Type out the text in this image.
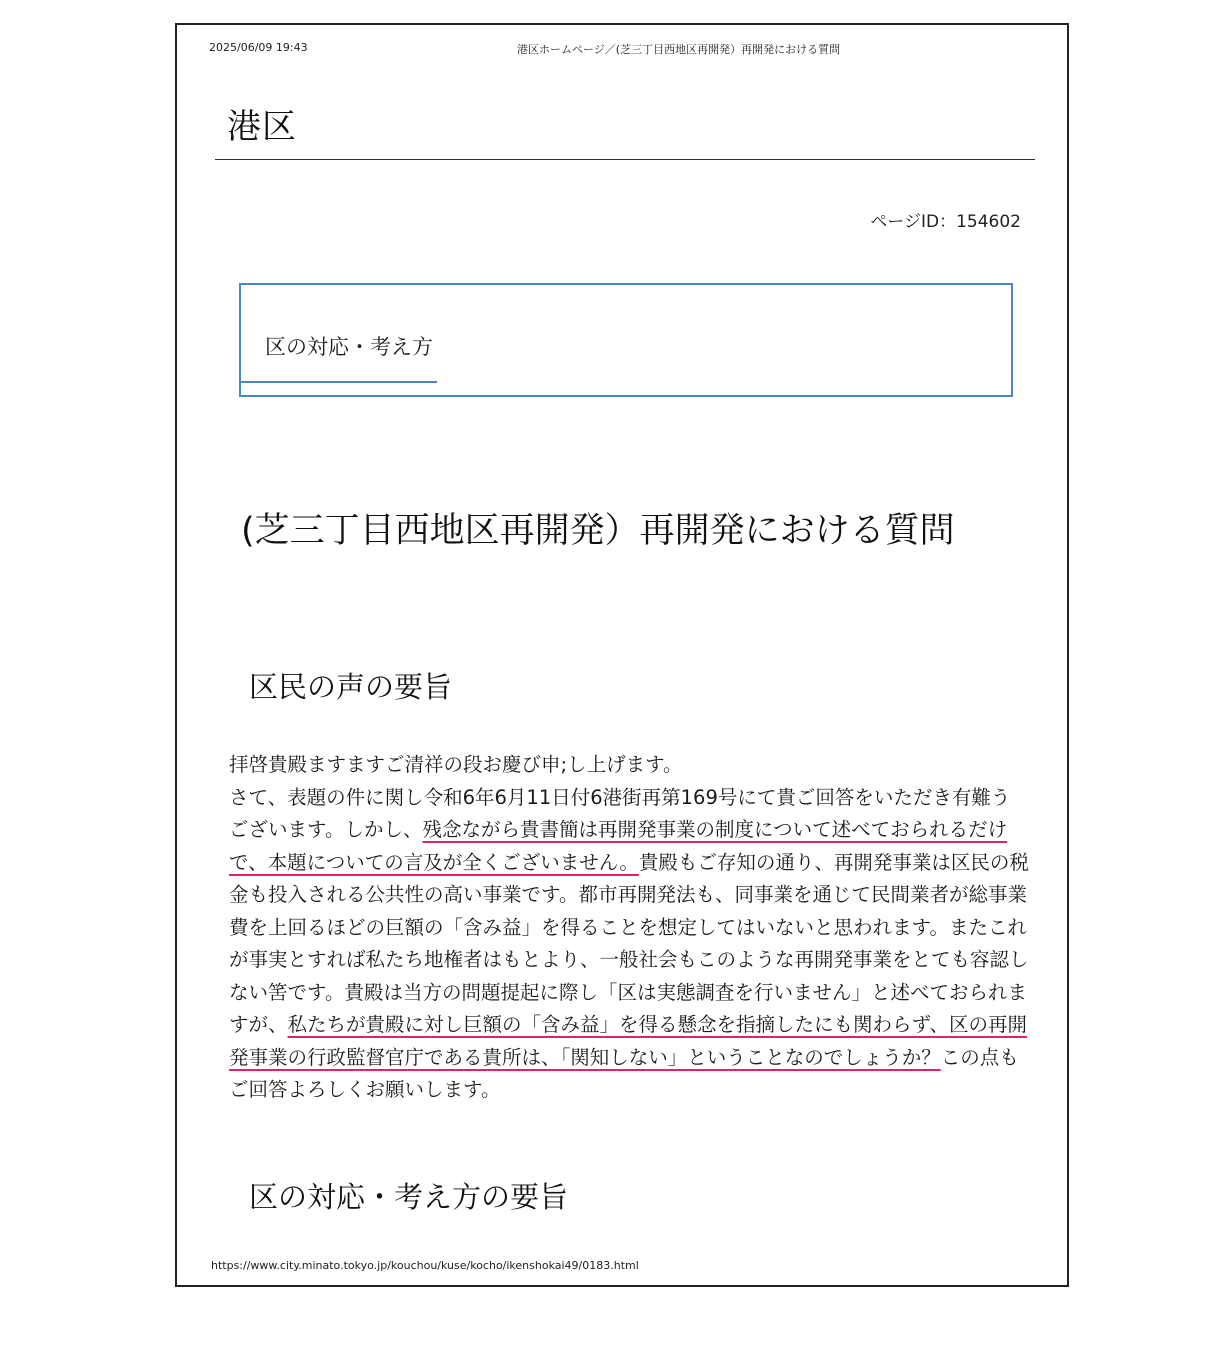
2025/06/09 19:43	港区ホームページ／(芝三丁目西地区再開発）再開発における質問
港区
ページID：154602
区の対応・考え方
(芝三丁目西地区再開発）再開発における質問
区民の声の要旨

拝啓貴殿ますますご清祥の段お慶び申;し上げます。

さて、表題の件に関し令和6年6月11日付6港街再第169号にて貴ご回答をいただき有難うございます。しかし、残念ながら貴書簡は再開発事業の制度について述べておられるだけで、本題についての言及が全くございません。貴殿もご存知の通り、再開発事業は区民の税金も投入される公共性の高い事業です。都市再開発法も、同事業を通じて民間業者が総事業費を上回るほどの巨額の「含み益」を得ることを想定してはいないと思われます。またこれが事実とすれば私たち地権者はもとより、一般社会もこのような再開発事業をとても容認しない筈です。貴殿は当方の問題提起に際し「区は実態調査を行いません」と述べておられますが、私たちが貴殿に対し巨額の「含み益」を得る懸念を指摘したにも関わらず、区の再開発事業の行政監督官庁である貴所は、「関知しない」ということなのでしょうか？この点もご回答よろしくお願いします。

区の対応・考え方の要旨
https://www.city.minato.tokyo.jp/kouchou/kuse/kocho/ikenshokai49/0183.html
